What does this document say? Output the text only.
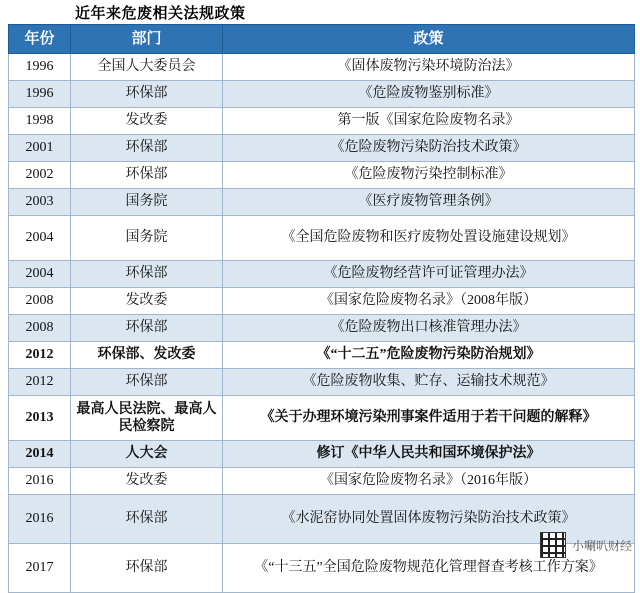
近年来危废相关法规政策
年份	部门	政策
1996	全国人大委员会	《固体废物污染环境防治法》
1996	环保部	《危险废物鉴别标准》
1998	发改委	第一版《国家危险废物名录》
2001	环保部	《危险废物污染防治技术政策》
2002	环保部	《危险废物污染控制标准》
2003	国务院	《医疗废物管理条例》
2004	国务院	《全国危险废物和医疗废物处置设施建设规划》
2004	环保部	《危险废物经营许可证管理办法》
2008	发改委	《国家危险废物名录》（2008年版）
2008	环保部	《危险废物出口核准管理办法》
2012	环保部、发改委	《“十二五”危险废物污染防治规划》
2012	环保部	《危险废物收集、贮存、运输技术规范》
2013	最高人民法院、最高人民检察院	《关于办理环境污染刑事案件适用于若干问题的解释》
2014	人大会	修订《中华人民共和国环境保护法》
2016	发改委	《国家危险废物名录》（2016年版）
2016	环保部	《水泥窑协同处置固体废物污染防治技术政策》
2017	环保部	《“十三五”全国危险废物规范化管理督查考核工作方案》
小唰叭财经
